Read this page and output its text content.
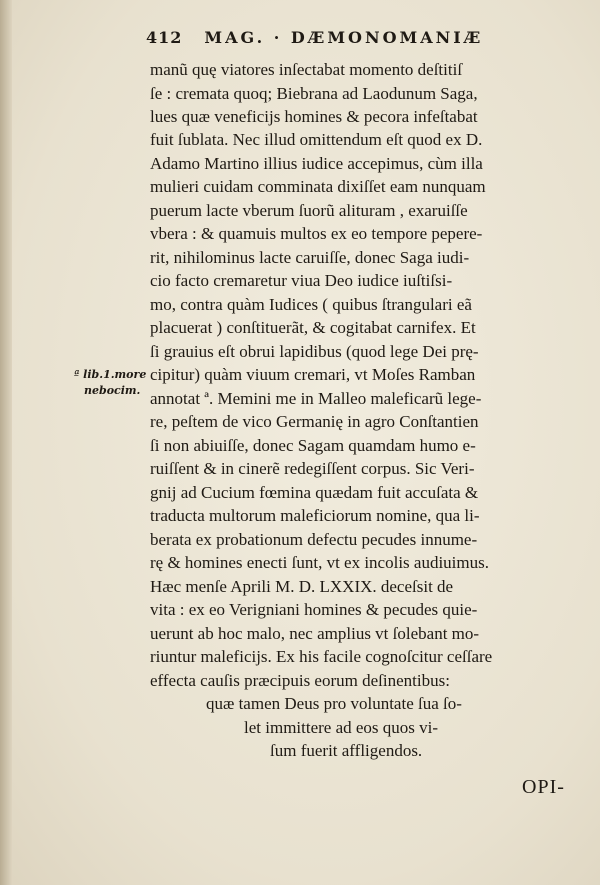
412 MAG. · DÆMONOMANIÆ
manũ quę viatores inſectabat momento deſtitiſ
ſe : cremata quoq; Biebrana ad Laodunum Saga,
lues quæ veneficijs homines & pecora infeſtabat
fuit ſublata. Nec illud omittendum eſt quod ex D.
Adamo Martino illius iudice accepimus, cùm illa
mulieri cuidam comminata dixiſſet eam nunquam
puerum lacte vberum ſuorũ alituram , exaruiſſe
vbera : & quamuis multos ex eo tempore pepere-
rit, nihilominus lacte caruiſſe, donec Saga iudi-
cio facto cremaretur viua Deo iudice iuſtiſsi-
mo, contra quàm Iudices ( quibus ſtrangulari eã
placuerat ) conſtituerãt, & cogitabat carnifex. Et
ſi grauius eſt obrui lapidibus (quod lege Dei prę-
cipitur) quàm viuum cremari, vt Moſes Ramban
annotat ª. Memini me in Malleo maleficarũ lege-
re, peſtem de vico Germanię in agro Conſtantien
ſi non abiuiſſe, donec Sagam quamdam humo e-
ruiſſent & in cinerẽ redegiſſent corpus. Sic Veri-
gnij ad Cucium fœmina quædam fuit accuſata &
traducta multorum maleficiorum nomine, qua li-
berata ex probationum defectu pecudes innume-
rę & homines enecti ſunt, vt ex incolis audiuimus.
Hæc menſe Aprili M. D. LXXIX. deceſsit de
vita : ex eo Verigniani homines & pecudes quie-
uerunt ab hoc malo, nec amplius vt ſolebant mo-
riuntur maleficijs. Ex his facile cognoſcitur ceſſare
effecta cauſis præcipuis eorum deſinentibus:
quæ tamen Deus pro voluntate ſua ſo-
let immittere ad eos quos vi-
ſum fuerit affligendos.
ª lib.1.more
nebocim.
OPI-
